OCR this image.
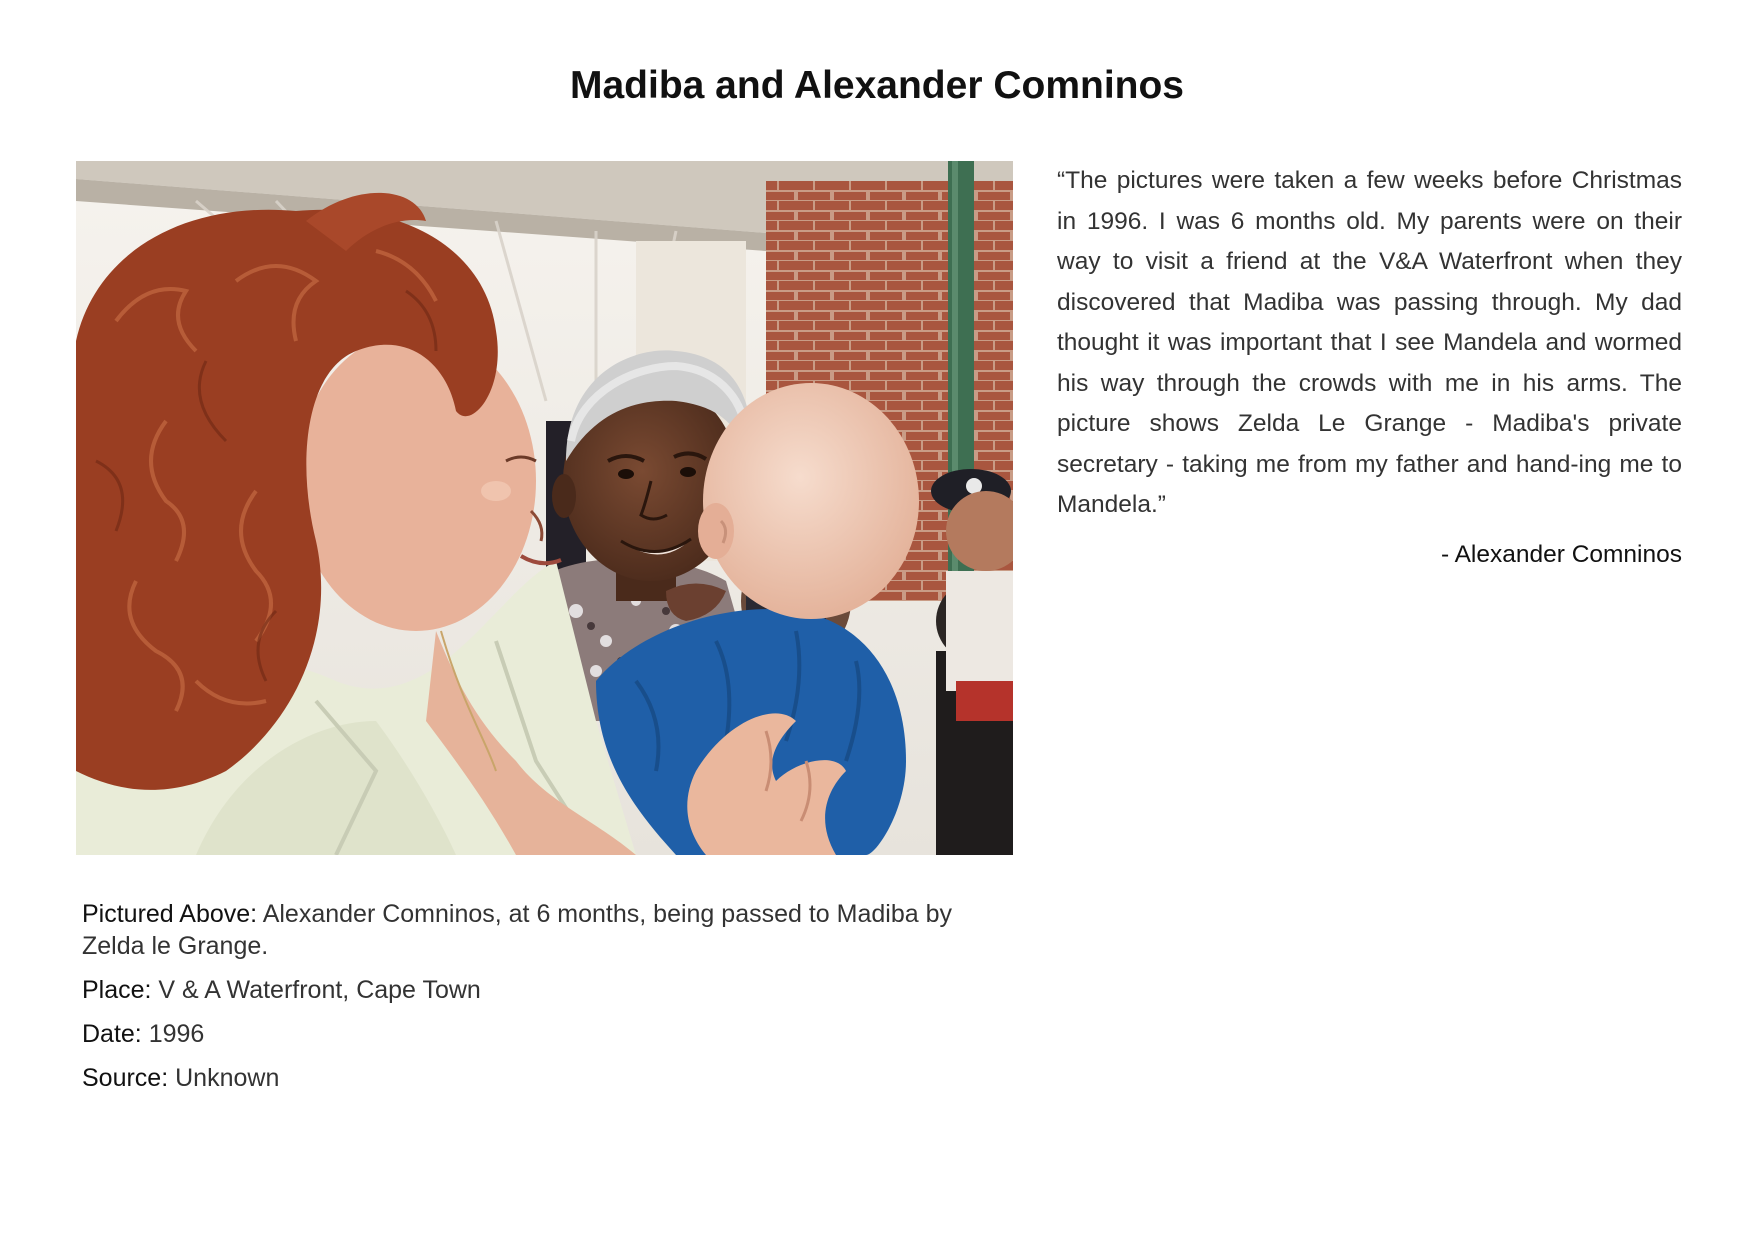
Madiba and Alexander Comninos

Pictured Above: Alexander Comninos, at 6 months, being passed to Madiba by Zelda le Grange.

Place: V & A Waterfront, Cape Town

Date: 1996

Source: Unknown

“The pictures were taken a few weeks before Christmas in 1996. I was 6 months old. My parents were on their way to visit a friend at the V&A Waterfront when they discovered that Madiba was passing through. My dad thought it was important that I see Mandela and wormed his way through the crowds with me in his arms. The picture shows Zelda Le Grange - Madiba's private secretary - taking me from my father and hand-ing me to Mandela.”

- Alexander Comninos
